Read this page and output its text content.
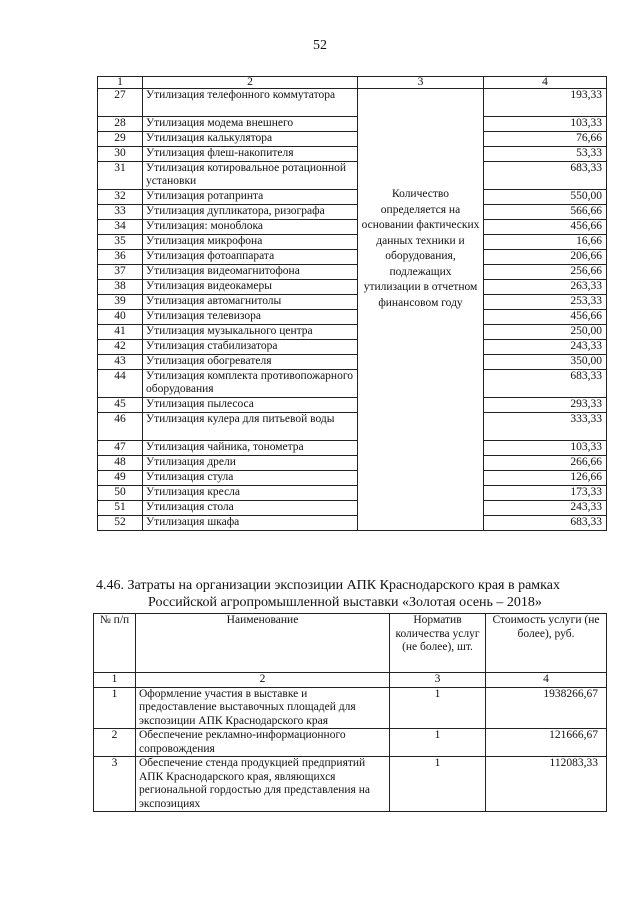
52
1	2	3	4
27	Утилизация телефонного коммутатора	Количество определяется на основании фактических данных техники и оборудования, подлежащих утилизации в отчетном финансовом году	193,33
28	Утилизация модема внешнего		103,33
29	Утилизация калькулятора		76,66
30	Утилизация флеш-накопителя		53,33
31	Утилизация котировальное ротационной установки		683,33
32	Утилизация ротапринта		550,00
33	Утилизация дупликатора, ризографа		566,66
34	Утилизация: моноблока		456,66
35	Утилизация микрофона		16,66
36	Утилизация фотоаппарата		206,66
37	Утилизация видеомагнитофона		256,66
38	Утилизация видеокамеры		263,33
39	Утилизация автомагнитолы		253,33
40	Утилизация телевизора		456,66
41	Утилизация музыкального центра		250,00
42	Утилизация стабилизатора		243,33
43	Утилизация обогревателя		350,00
44	Утилизация комплекта противопожарного оборудования		683,33
45	Утилизация пылесоса		293,33
46	Утилизация кулера для питьевой воды		333,33
47	Утилизация чайника, тонометра		103,33
48	Утилизация дрели		266,66
49	Утилизация стула		126,66
50	Утилизация кресла		173,33
51	Утилизация стола		243,33
52	Утилизация шкафа		683,33
4.46. Затраты на организации экспозиции АПК Краснодарского края в рамках
Российской агропромышленной выставки «Золотая осень – 2018»
№ п/п	Наименование	Норматив количества услуг (не более), шт.	Стоимость услуги (не более), руб.
1	2	3	4
1	Оформление участия в выставке и предоставление выставочных площадей для экспозиции АПК Краснодарского края	1	1938266,67
2	Обеспечение рекламно-информационного сопровождения	1	121666,67
3	Обеспечение стенда продукцией предприятий АПК Краснодарского края, являющихся региональной гордостью для представления на экспозициях	1	112083,33
